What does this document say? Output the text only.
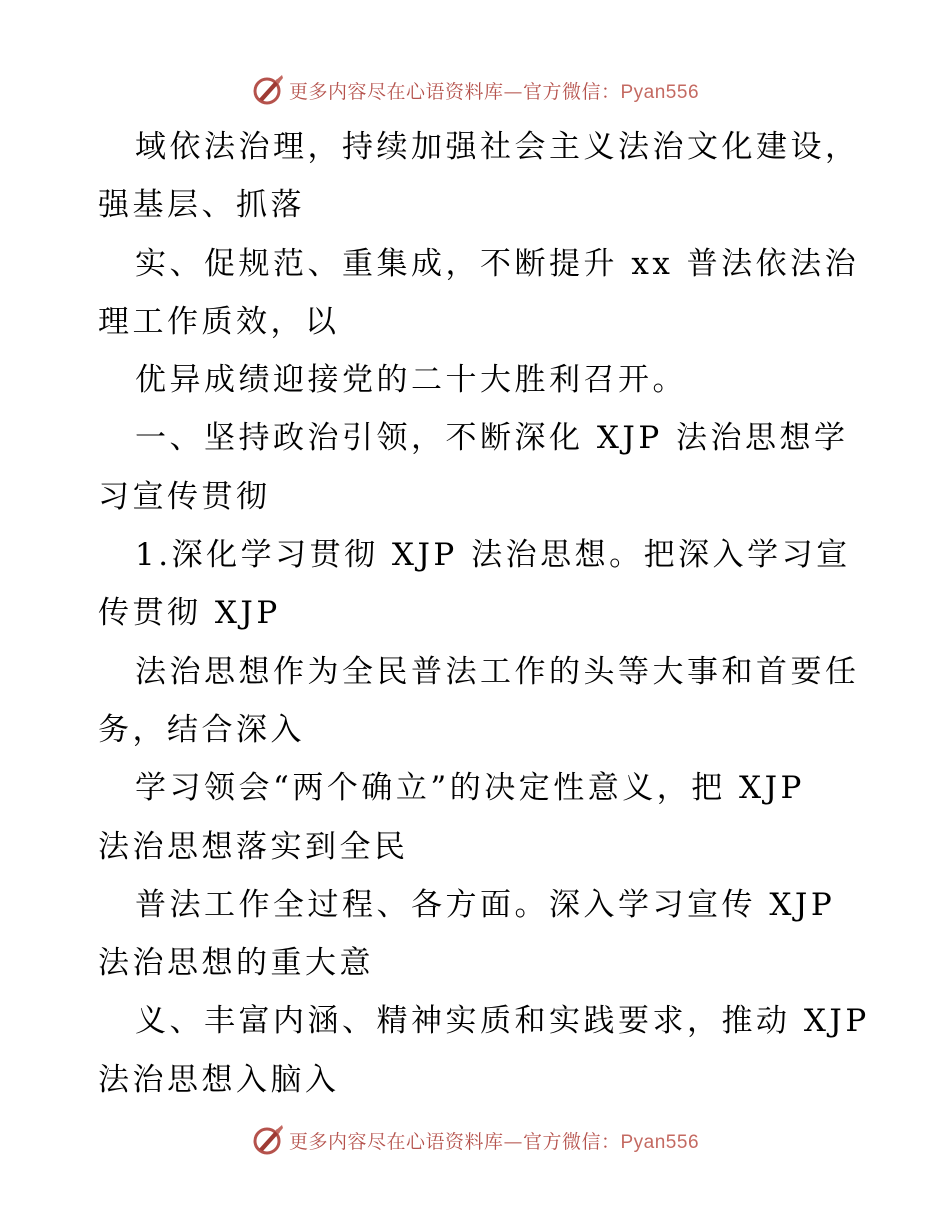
更多内容尽在心语资料库—官方微信：Pyan556
域依法治理，持续加强社会主义法治文化建设，
强基层、抓落
实、促规范、重集成，不断提升 xx 普法依法治
理工作质效，以
优异成绩迎接党的二十大胜利召开。
一、坚持政治引领，不断深化 XJP 法治思想学
习宣传贯彻
1.深化学习贯彻 XJP 法治思想。把深入学习宣
传贯彻 XJP
法治思想作为全民普法工作的头等大事和首要任
务，结合深入
学习领会“两个确立”的决定性意义，把 XJP
法治思想落实到全民
普法工作全过程、各方面。深入学习宣传 XJP
法治思想的重大意
义、丰富内涵、精神实质和实践要求，推动 XJP
法治思想入脑入
更多内容尽在心语资料库—官方微信：Pyan556
